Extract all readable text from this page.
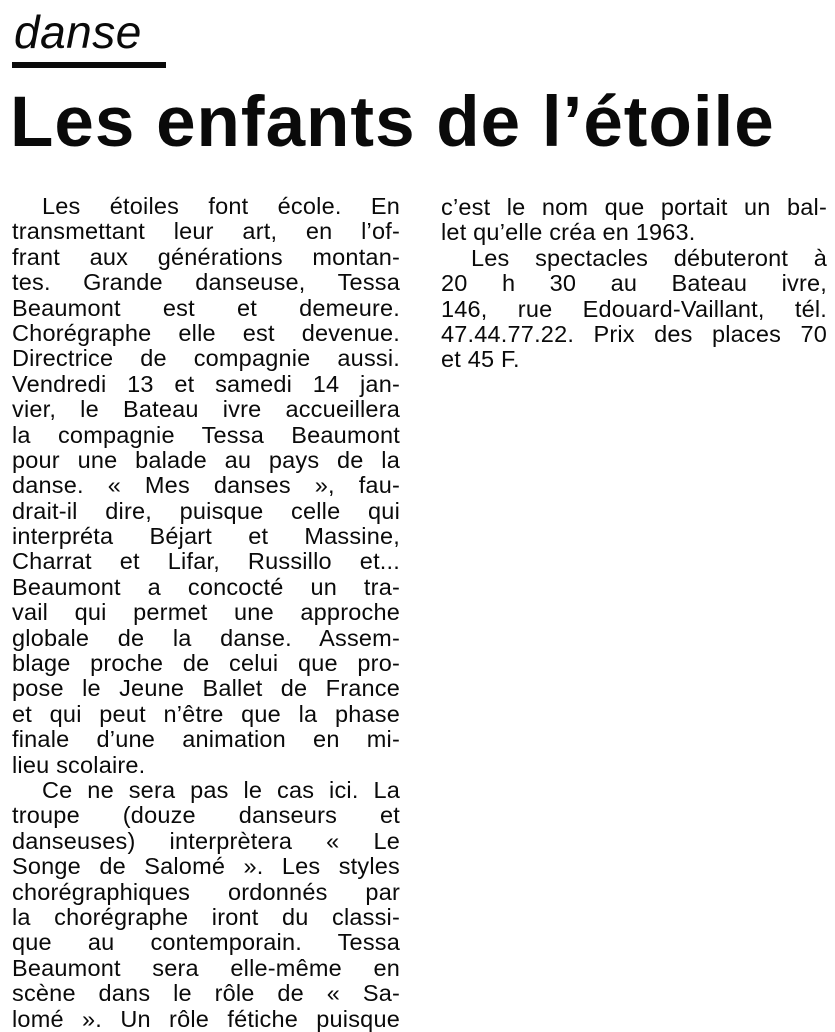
danse
Les enfants de l’étoile
Les étoiles font école. En
transmettant leur art, en l’of-
frant aux générations montan-
tes. Grande danseuse, Tessa
Beaumont est et demeure.
Chorégraphe elle est devenue.
Directrice de compagnie aussi.
Vendredi 13 et samedi 14 jan-
vier, le Bateau ivre accueillera
la compagnie Tessa Beaumont
pour une balade au pays de la
danse. « Mes danses », fau-
drait-il dire, puisque celle qui
interpréta Béjart et Massine,
Charrat et Lifar, Russillo et...
Beaumont a concocté un tra-
vail qui permet une approche
globale de la danse. Assem-
blage proche de celui que pro-
pose le Jeune Ballet de France
et qui peut n’être que la phase
finale d’une animation en mi-
lieu scolaire.
Ce ne sera pas le cas ici. La
troupe (douze danseurs et
danseuses) interprètera « Le
Songe de Salomé ». Les styles
chorégraphiques ordonnés par
la chorégraphe iront du classi-
que au contemporain. Tessa
Beaumont sera elle-même en
scène dans le rôle de « Sa-
lomé ». Un rôle fétiche puisque
c’est le nom que portait un bal-
let qu’elle créa en 1963.
Les spectacles débuteront à
20 h 30 au Bateau ivre,
146, rue Edouard-Vaillant, tél.
47.44.77.22. Prix des places 70
et 45 F.
